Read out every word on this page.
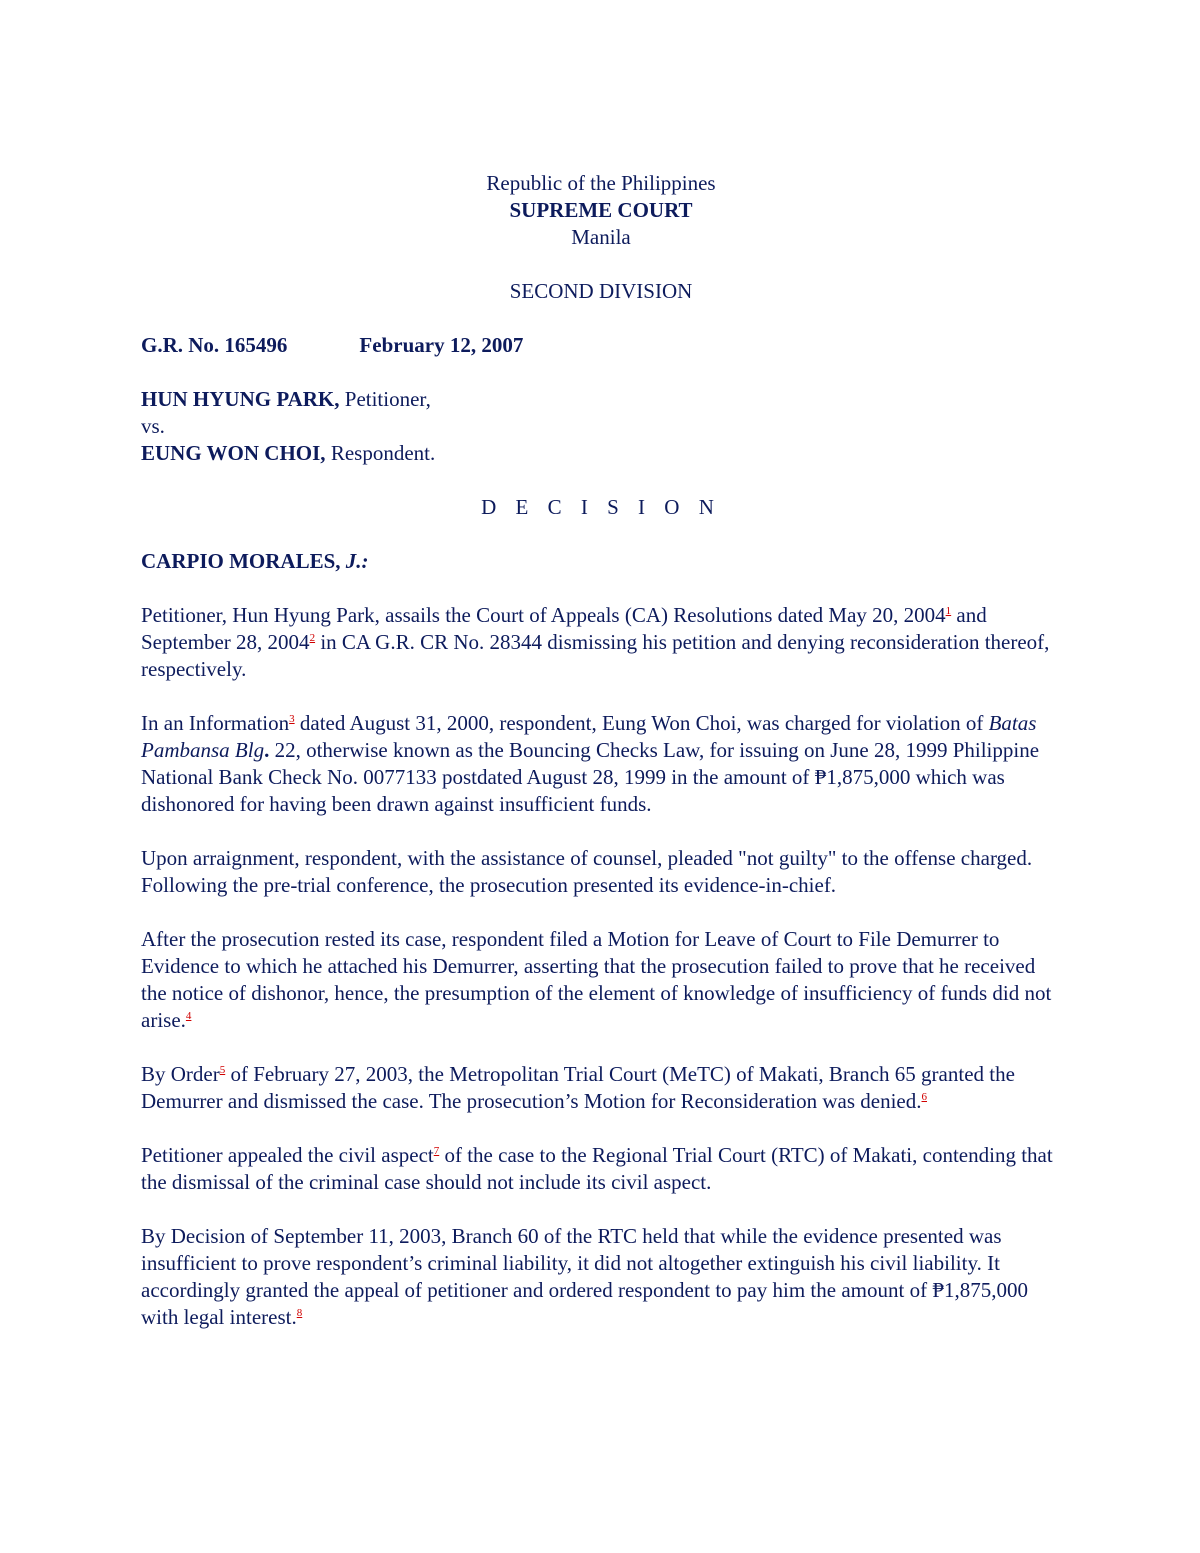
Republic of the Philippines
SUPREME COURT
Manila
SECOND DIVISION
G.R. No. 165496	February 12, 2007
HUN HYUNG PARK, Petitioner,
vs.
EUNG WON CHOI, Respondent.
D E C I S I O N
CARPIO MORALES, J.:

Petitioner, Hun Hyung Park, assails the Court of Appeals (CA) Resolutions dated May 20, 2004$^1$ and September 28, 2004$^2$ in CA G.R. CR No. 28344 dismissing his petition and denying reconsideration thereof, respectively.

In an Information$^3$ dated August 31, 2000, respondent, Eung Won Choi, was charged for violation of Batas Pambansa Blg. 22, otherwise known as the Bouncing Checks Law, for issuing on June 28, 1999 Philippine National Bank Check No. 0077133 postdated August 28, 1999 in the amount of ₱1,875,000 which was dishonored for having been drawn against insufficient funds.

Upon arraignment, respondent, with the assistance of counsel, pleaded "not guilty" to the offense charged. Following the pre-trial conference, the prosecution presented its evidence-in-chief.

After the prosecution rested its case, respondent filed a Motion for Leave of Court to File Demurrer to Evidence to which he attached his Demurrer, asserting that the prosecution failed to prove that he received the notice of dishonor, hence, the presumption of the element of knowledge of insufficiency of funds did not arise.$^4$

By Order$^5$ of February 27, 2003, the Metropolitan Trial Court (MeTC) of Makati, Branch 65 granted the Demurrer and dismissed the case. The prosecution’s Motion for Reconsideration was denied.$^6$

Petitioner appealed the civil aspect$^7$ of the case to the Regional Trial Court (RTC) of Makati, contending that the dismissal of the criminal case should not include its civil aspect.

By Decision of September 11, 2003, Branch 60 of the RTC held that while the evidence presented was insufficient to prove respondent’s criminal liability, it did not altogether extinguish his civil liability. It accordingly granted the appeal of petitioner and ordered respondent to pay him the amount of ₱1,875,000 with legal interest.$^8$
